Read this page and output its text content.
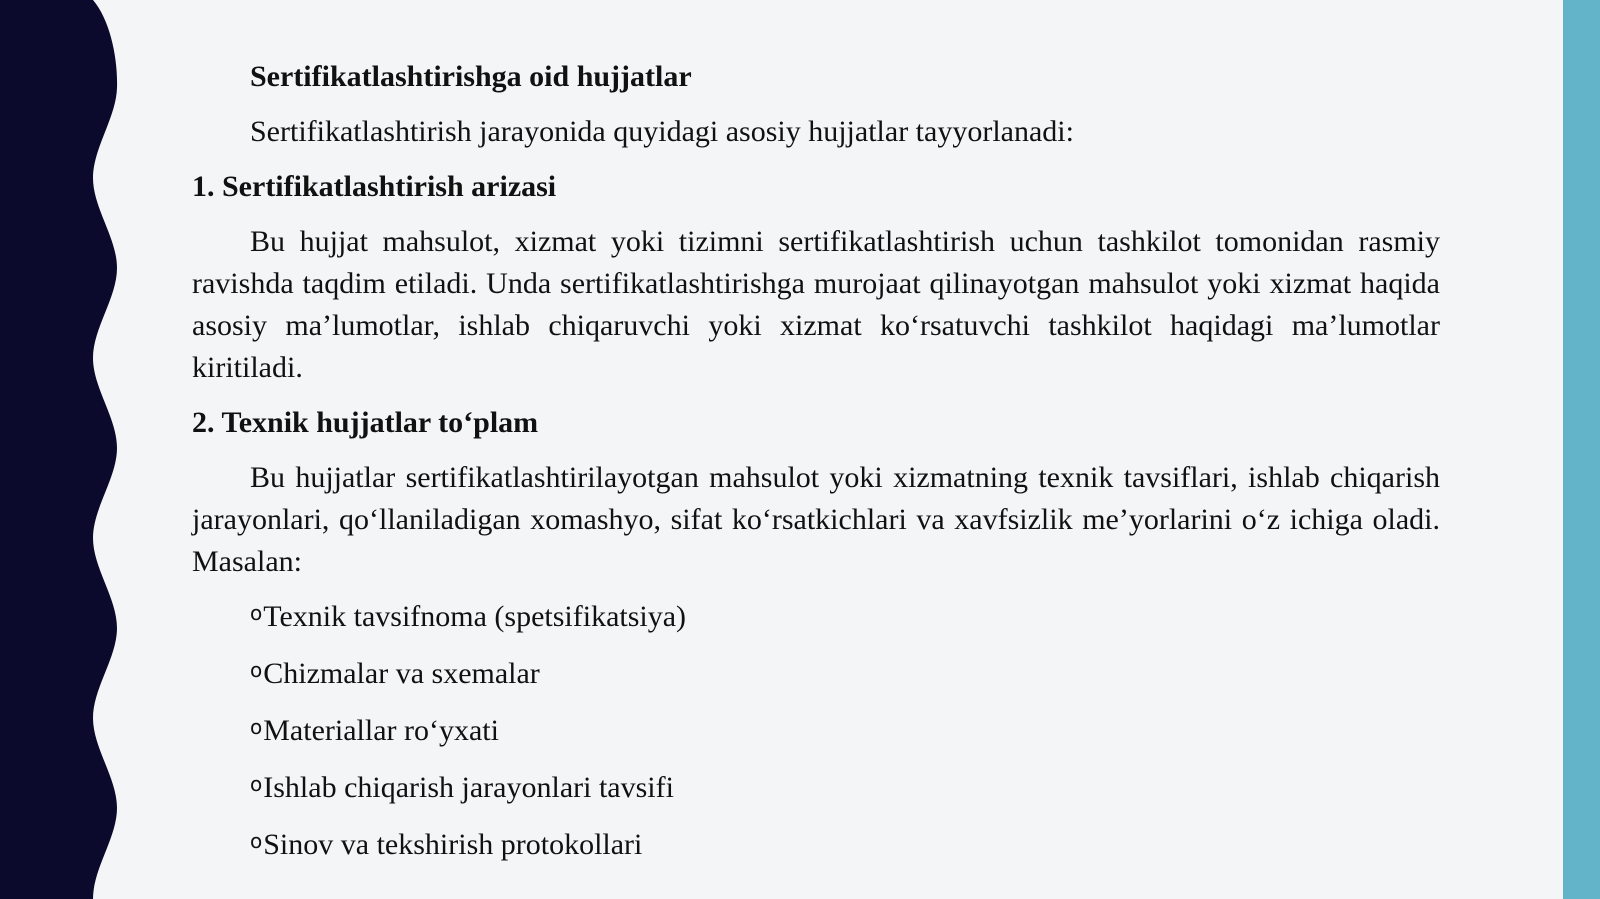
Sertifikatlashtirishga oid hujjatlar

Sertifikatlashtirish jarayonida quyidagi asosiy hujjatlar tayyorlanadi:

1. Sertifikatlashtirish arizasi

Bu hujjat mahsulot, xizmat yoki tizimni sertifikatlashtirish uchun tashkilot tomonidan rasmiy ravishda taqdim etiladi. Unda sertifikatlashtirishga murojaat qilinayotgan mahsulot yoki xizmat haqida asosiy ma’lumotlar, ishlab chiqaruvchi yoki xizmat ko‘rsatuvchi tashkilot haqidagi ma’lumotlar kiritiladi.

2. Texnik hujjatlar to‘plam

Bu hujjatlar sertifikatlashtirilayotgan mahsulot yoki xizmatning texnik tavsiflari, ishlab chiqarish jarayonlari, qo‘llaniladigan xomashyo, sifat ko‘rsatkichlari va xavfsizlik me’yorlarini o‘z ichiga oladi. Masalan:

o Texnik tavsifnoma (spetsifikatsiya)
o Chizmalar va sxemalar
o Materiallar ro‘yxati
o Ishlab chiqarish jarayonlari tavsifi
o Sinov va tekshirish protokollari
